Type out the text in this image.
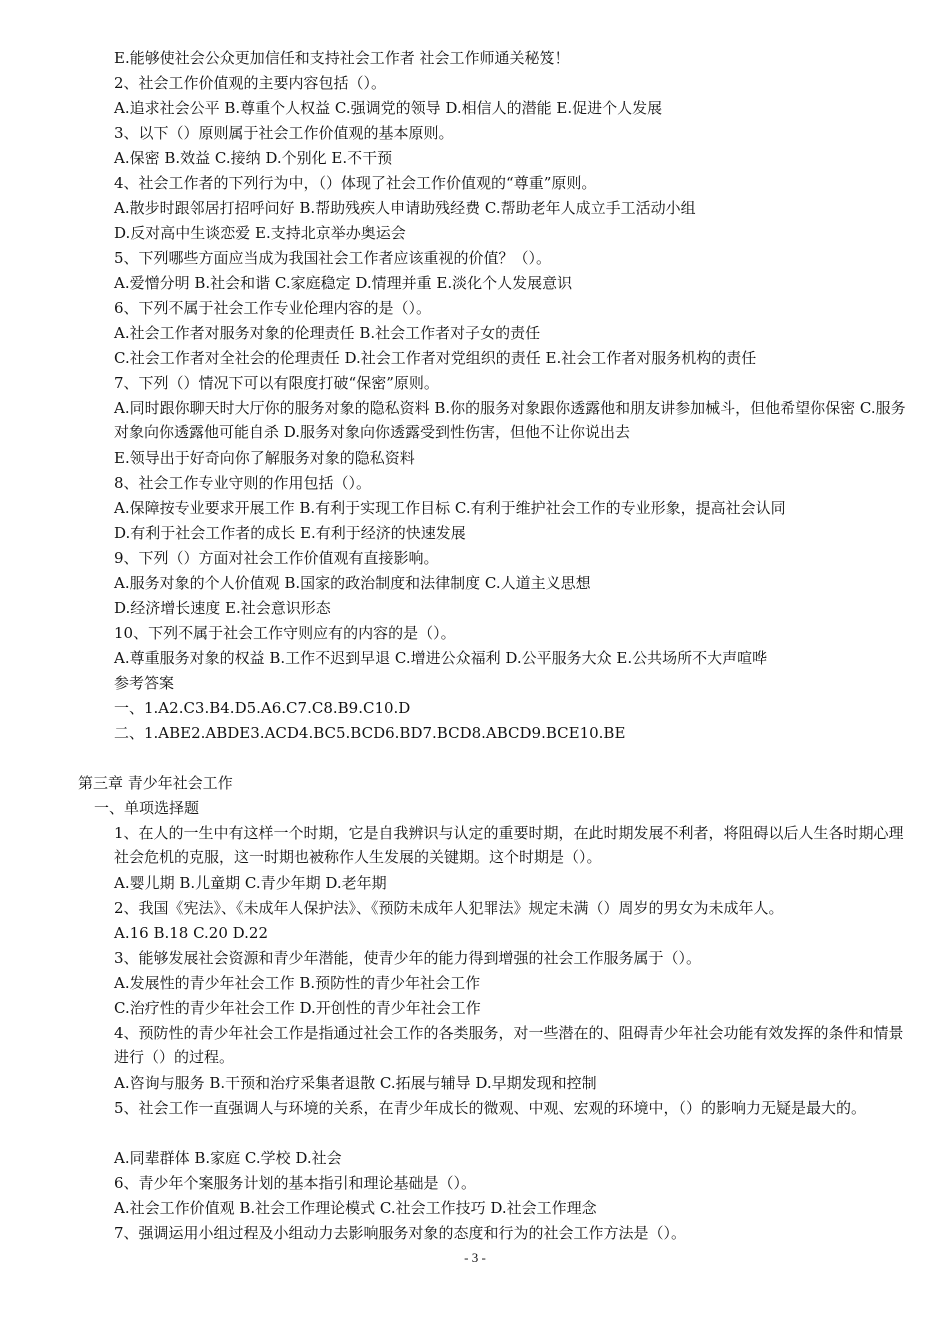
E.能够使社会公众更加信任和支持社会工作者 社会工作师通关秘笈！
2、社会工作价值观的主要内容包括（）。
A.追求社会公平 B.尊重个人权益 C.强调党的领导 D.相信人的潜能 E.促进个人发展
3、以下（）原则属于社会工作价值观的基本原则。
A.保密 B.效益 C.接纳 D.个别化 E.不干预
4、社会工作者的下列行为中，（）体现了社会工作价值观的“尊重”原则。
A.散步时跟邻居打招呼问好 B.帮助残疾人申请助残经费 C.帮助老年人成立手工活动小组
D.反对高中生谈恋爱 E.支持北京举办奥运会
5、下列哪些方面应当成为我国社会工作者应该重视的价值？（）。
A.爱憎分明 B.社会和谐 C.家庭稳定 D.情理并重 E.淡化个人发展意识
6、下列不属于社会工作专业伦理内容的是（）。
A.社会工作者对服务对象的伦理责任 B.社会工作者对子女的责任
C.社会工作者对全社会的伦理责任 D.社会工作者对党组织的责任 E.社会工作者对服务机构的责任
7、下列（）情况下可以有限度打破“保密”原则。
A.同时跟你聊天时大厅你的服务对象的隐私资料 B.你的服务对象跟你透露他和朋友讲参加械斗，但他希望你保密 C.服务对象向你透露他可能自杀 D.服务对象向你透露受到性伤害，但他不让你说出去
E.领导出于好奇向你了解服务对象的隐私资料
8、社会工作专业守则的作用包括（）。
A.保障按专业要求开展工作 B.有利于实现工作目标 C.有利于维护社会工作的专业形象，提高社会认同
D.有利于社会工作者的成长 E.有利于经济的快速发展
9、下列（）方面对社会工作价值观有直接影响。
A.服务对象的个人价值观 B.国家的政治制度和法律制度 C.人道主义思想
D.经济增长速度 E.社会意识形态
10、下列不属于社会工作守则应有的内容的是（）。
A.尊重服务对象的权益 B.工作不迟到早退 C.增进公众福利 D.公平服务大众 E.公共场所不大声喧哗
参考答案
一、1.A2.C3.B4.D5.A6.C7.C8.B9.C10.D
二、1.ABE2.ABDE3.ACD4.BC5.BCD6.BD7.BCD8.ABCD9.BCE10.BE
第三章 青少年社会工作
一、单项选择题
1、在人的一生中有这样一个时期，它是自我辨识与认定的重要时期，在此时期发展不利者，将阻碍以后人生各时期心理社会危机的克服，这一时期也被称作人生发展的关键期。这个时期是（）。
A.婴儿期 B.儿童期 C.青少年期 D.老年期
2、我国《宪法》、《未成年人保护法》、《预防未成年人犯罪法》规定未满（）周岁的男女为未成年人。
A.16 B.18 C.20 D.22
3、能够发展社会资源和青少年潜能，使青少年的能力得到增强的社会工作服务属于（）。
A.发展性的青少年社会工作 B.预防性的青少年社会工作
C.治疗性的青少年社会工作 D.开创性的青少年社会工作
4、预防性的青少年社会工作是指通过社会工作的各类服务，对一些潜在的、阻碍青少年社会功能有效发挥的条件和情景进行（）的过程。
A.咨询与服务 B.干预和治疗采集者退散 C.拓展与辅导 D.早期发现和控制
5、社会工作一直强调人与环境的关系，在青少年成长的微观、中观、宏观的环境中，（）的影响力无疑是最大的。
A.同辈群体 B.家庭 C.学校 D.社会
6、青少年个案服务计划的基本指引和理论基础是（）。
A.社会工作价值观 B.社会工作理论模式 C.社会工作技巧 D.社会工作理念
7、强调运用小组过程及小组动力去影响服务对象的态度和行为的社会工作方法是（）。
- 3 -
